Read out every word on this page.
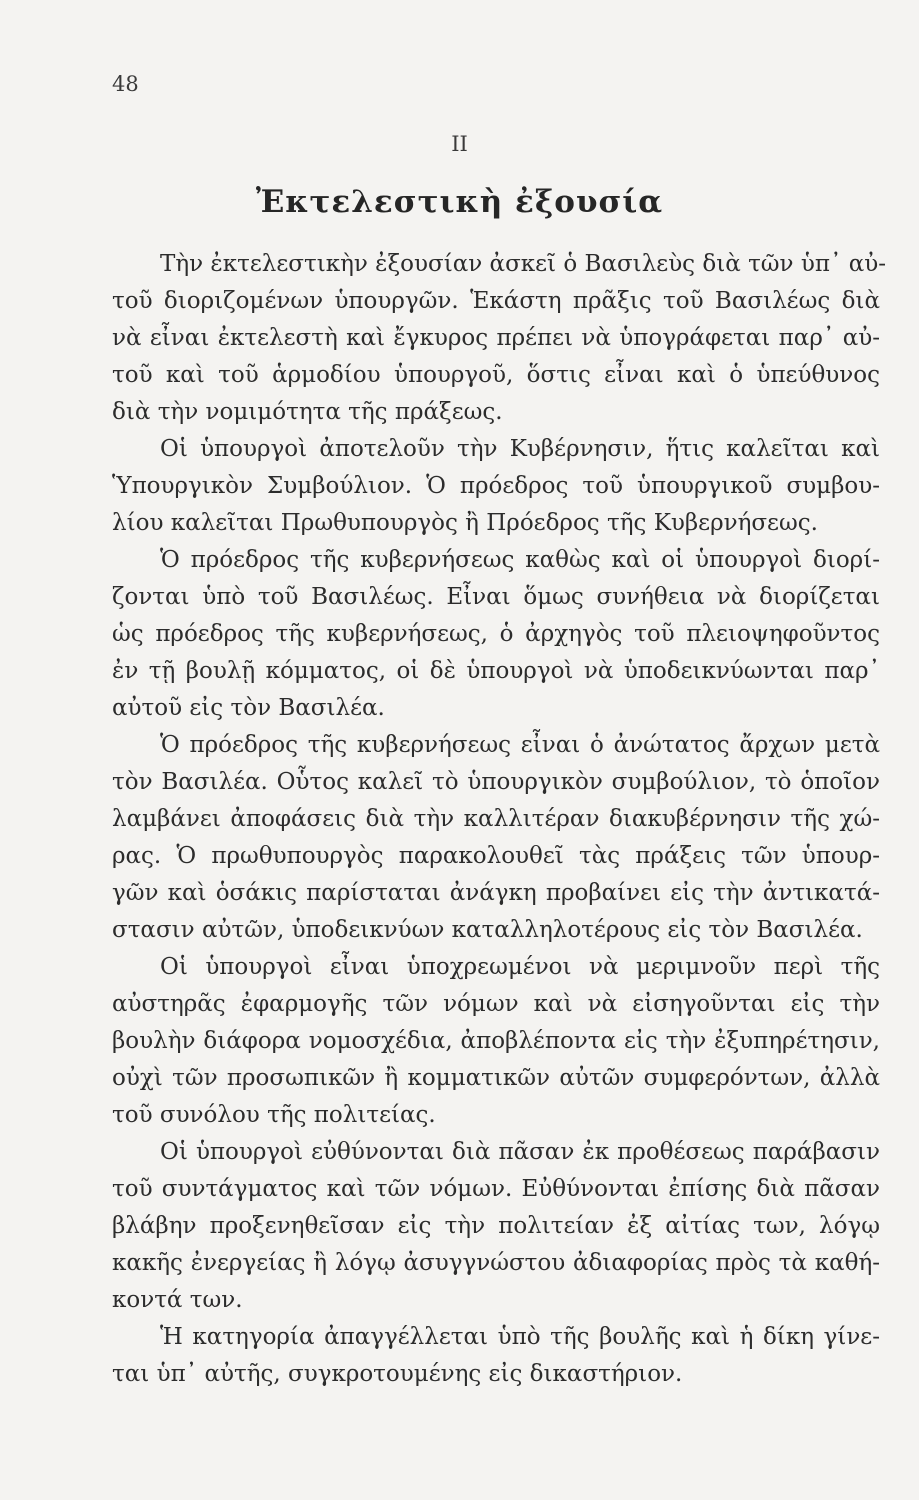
48
II
Ἐκτελεστικὴ ἐξουσία
Τὴν ἐκτελεστικὴν ἐξουσίαν ἀσκεῖ ὁ Βασιλεὺς διὰ τῶν ὑπ᾿ αὐ-
τοῦ διοριζομένων ὑπουργῶν. Ἑκάστη πρᾶξις τοῦ Βασιλέως διὰ
νὰ εἶναι ἐκτελεστὴ καὶ ἔγκυρος πρέπει νὰ ὑπογράφεται παρ᾿ αὐ-
τοῦ καὶ τοῦ ἁρμοδίου ὑπουργοῦ, ὅστις εἶναι καὶ ὁ ὑπεύθυνος
διὰ τὴν νομιμότητα τῆς πράξεως.
Οἱ ὑπουργοὶ ἀποτελοῦν τὴν Κυβέρνησιν, ἥτις καλεῖται καὶ
Ὑπουργικὸν Συμβούλιον. Ὁ πρόεδρος τοῦ ὑπουργικοῦ συμβου-
λίου καλεῖται Πρωθυπουργὸς ἢ Πρόεδρος τῆς Κυβερνήσεως.
Ὁ πρόεδρος τῆς κυβερνήσεως καθὼς καὶ οἱ ὑπουργοὶ διορί-
ζονται ὑπὸ τοῦ Βασιλέως. Εἶναι ὅμως συνήθεια νὰ διορίζεται
ὡς πρόεδρος τῆς κυβερνήσεως, ὁ ἀρχηγὸς τοῦ πλειοψηφοῦντος
ἐν τῇ βουλῇ κόμματος, οἱ δὲ ὑπουργοὶ νὰ ὑποδεικνύωνται παρ᾿
αὐτοῦ εἰς τὸν Βασιλέα.
Ὁ πρόεδρος τῆς κυβερνήσεως εἶναι ὁ ἀνώτατος ἄρχων μετὰ
τὸν Βασιλέα. Οὗτος καλεῖ τὸ ὑπουργικὸν συμβούλιον, τὸ ὁποῖον
λαμβάνει ἀποφάσεις διὰ τὴν καλλιτέραν διακυβέρνησιν τῆς χώ-
ρας. Ὁ πρωθυπουργὸς παρακολουθεῖ τὰς πράξεις τῶν ὑπουρ-
γῶν καὶ ὁσάκις παρίσταται ἀνάγκη προβαίνει εἰς τὴν ἀντικατά-
στασιν αὐτῶν, ὑποδεικνύων καταλληλοτέρους εἰς τὸν Βασιλέα.
Οἱ ὑπουργοὶ εἶναι ὑποχρεωμένοι νὰ μεριμνοῦν περὶ τῆς
αὐστηρᾶς ἐφαρμογῆς τῶν νόμων καὶ νὰ εἰσηγοῦνται εἰς τὴν
βουλὴν διάφορα νομοσχέδια, ἀποβλέποντα εἰς τὴν ἐξυπηρέτησιν,
οὐχὶ τῶν προσωπικῶν ἢ κομματικῶν αὐτῶν συμφερόντων, ἀλλὰ
τοῦ συνόλου τῆς πολιτείας.
Οἱ ὑπουργοὶ εὐθύνονται διὰ πᾶσαν ἐκ προθέσεως παράβασιν
τοῦ συντάγματος καὶ τῶν νόμων. Εὐθύνονται ἐπίσης διὰ πᾶσαν
βλάβην προξενηθεῖσαν εἰς τὴν πολιτείαν ἐξ αἰτίας των, λόγῳ
κακῆς ἐνεργείας ἢ λόγῳ ἀσυγγνώστου ἀδιαφορίας πρὸς τὰ καθή-
κοντά των.
Ἡ κατηγορία ἀπαγγέλλεται ὑπὸ τῆς βουλῆς καὶ ἡ δίκη γίνε-
ται ὑπ᾿ αὐτῆς, συγκροτουμένης εἰς δικαστήριον.
